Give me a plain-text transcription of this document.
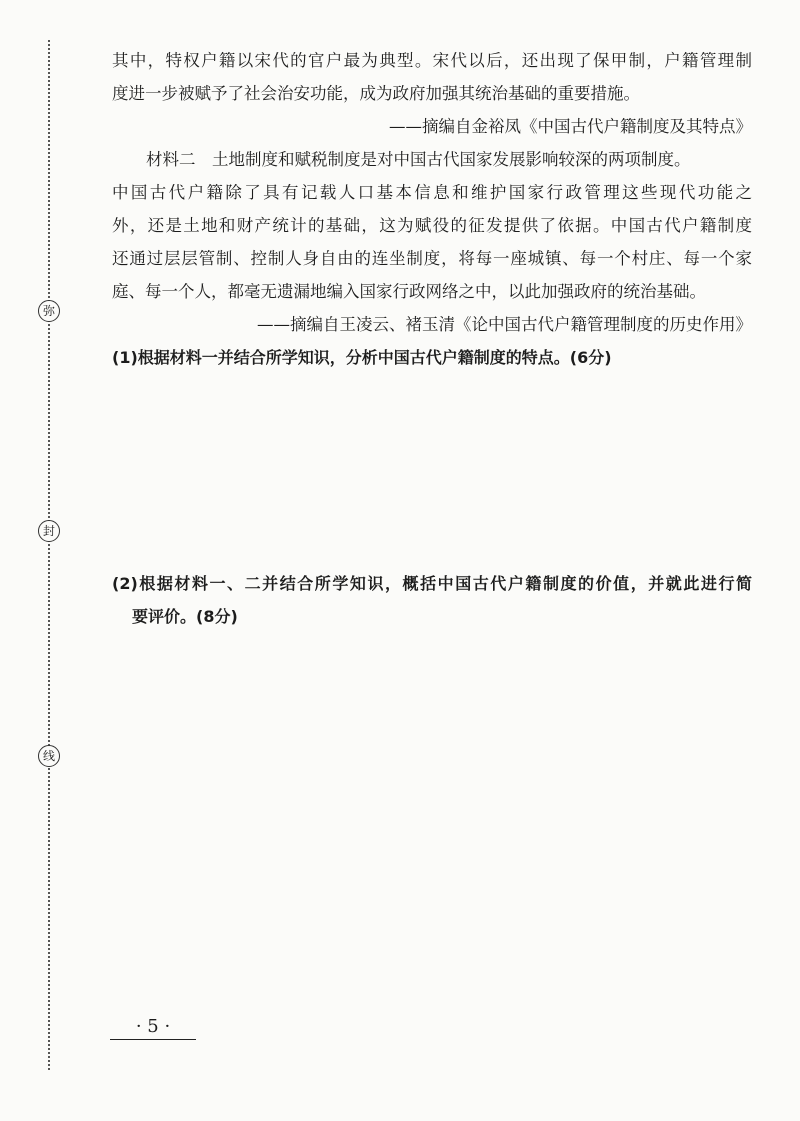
弥
封
线
其中，特权户籍以宋代的官户最为典型。宋代以后，还出现了保甲制，户籍管理制
度进一步被赋予了社会治安功能，成为政府加强其统治基础的重要措施。
——摘编自金裕凤《中国古代户籍制度及其特点》
材料二　土地制度和赋税制度是对中国古代国家发展影响较深的两项制度。
中国古代户籍除了具有记载人口基本信息和维护国家行政管理这些现代功能之
外，还是土地和财产统计的基础，这为赋役的征发提供了依据。中国古代户籍制度
还通过层层管制、控制人身自由的连坐制度，将每一座城镇、每一个村庄、每一个家
庭、每一个人，都毫无遗漏地编入国家行政网络之中，以此加强政府的统治基础。
——摘编自王凌云、褚玉清《论中国古代户籍管理制度的历史作用》
(1)根据材料一并结合所学知识，分析中国古代户籍制度的特点。(6分)
(2)根据材料一、二并结合所学知识，概括中国古代户籍制度的价值，并就此进行简
要评价。(8分)
· 5 ·
